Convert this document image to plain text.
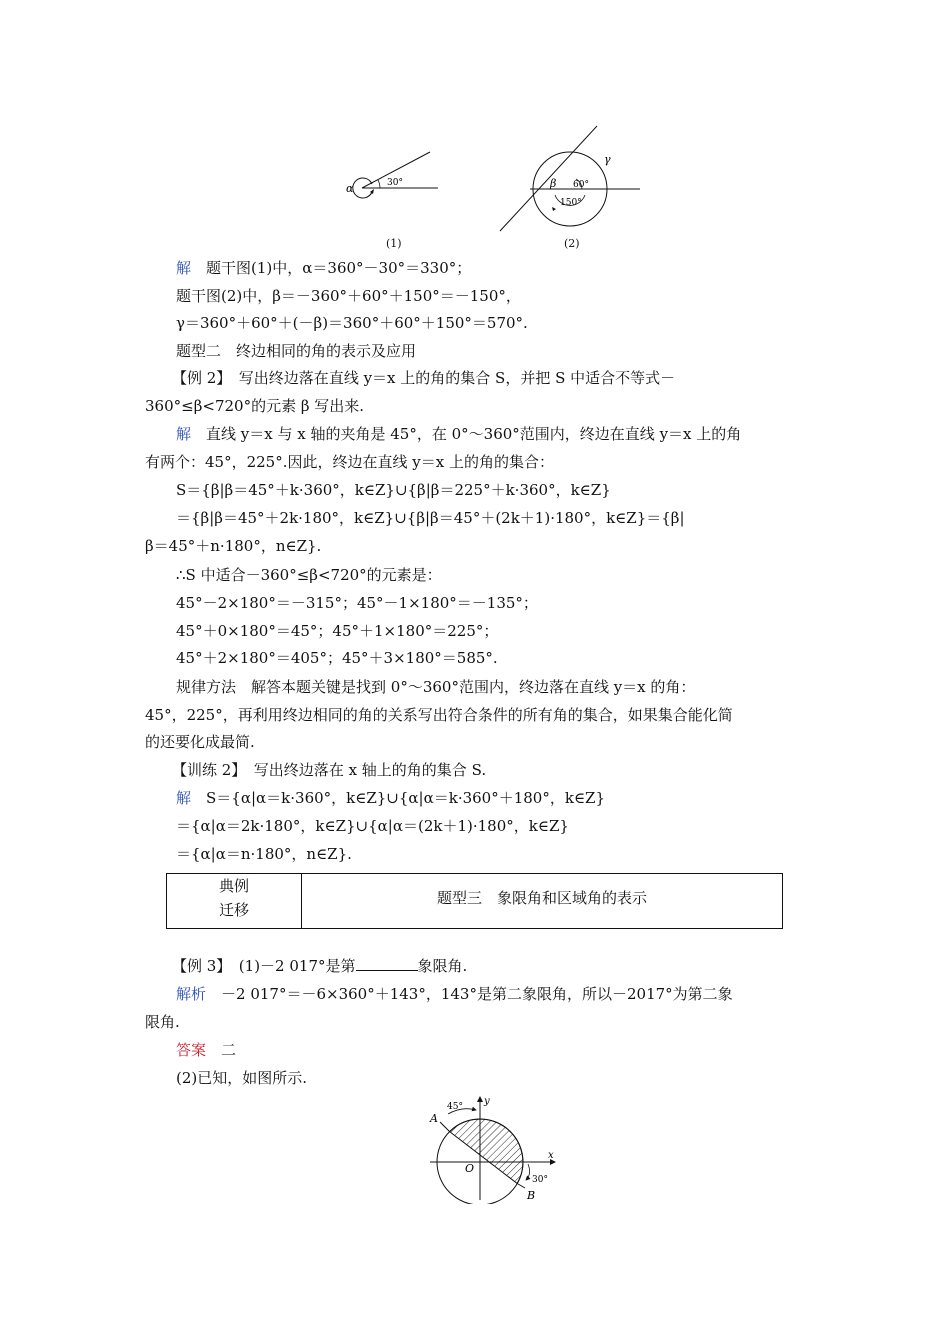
α	30°
(1)
γ
β 60°
150°
(2)
解　 题干图(1)中，α＝360°－30°＝330°；
题干图(2)中，β＝－360°＋60°＋150°＝－150°，
γ＝360°＋60°＋(－β)＝360°＋60°＋150°＝570°.
题型二　终边相同的角的表示及应用
【例 2】　写出终边落在直线 y＝x 上的角的集合 S，并把 S 中适合不等式－
360°≤β<720°的元素 β 写出来.
解　 直线 y＝x 与 x 轴的夹角是 45°，在 0°～360°范围内，终边在直线 y＝x 上的角
有两个：45°，225°.因此，终边在直线 y＝x 上的角的集合：
S＝{β|β＝45°＋k·360°，k∈Z}∪{β|β＝225°＋k·360°，k∈Z}
＝{β|β＝45°＋2k·180°，k∈Z}∪{β|β＝45°＋(2k＋1)·180°，k∈Z}＝{β|
β＝45°＋n·180°，n∈Z}.
∴S 中适合－360°≤β<720°的元素是：
45°－2×180°＝－315°；45°－1×180°＝－135°；
45°＋0×180°＝45°；45°＋1×180°＝225°；
45°＋2×180°＝405°；45°＋3×180°＝585°.
规律方法　解答本题关键是找到 0°～360°范围内，终边落在直线 y＝x 的角：
45°，225°，再利用终边相同的角的关系写出符合条件的所有角的集合，如果集合能化简
的还要化成最简.
【训练 2】　写出终边落在 x 轴上的角的集合 S.
解　 S＝{α|α＝k·360°，k∈Z}∪{α|α＝k·360°＋180°，k∈Z}
＝{α|α＝2k·180°，k∈Z}∪{α|α＝(2k＋1)·180°，k∈Z}
＝{α|α＝n·180°，n∈Z}.
典例
迁移
题型三　象限角和区域角的表示
【例 3】　(1)－2 017°是第	象限角.
解析　 －2 017°＝－6×360°＋143°，143°是第二象限角，所以－2017°为第二象
限角.
答案　 二
(2)已知，如图所示.
A
B
O
x
y
45°
30°
